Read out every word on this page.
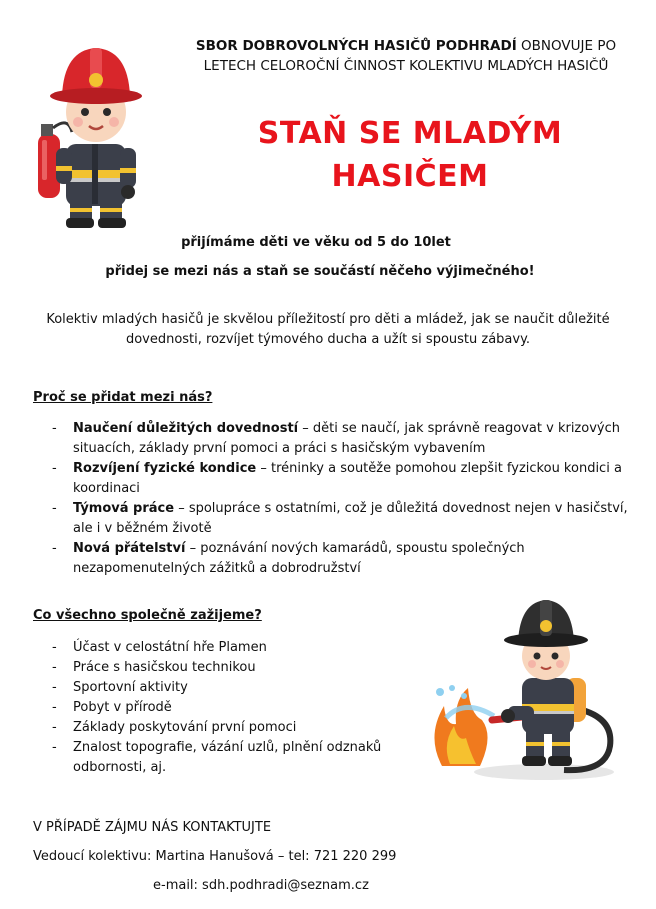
SBOR DOBROVOLNÝCH HASIČŮ PODHRADÍ OBNOVUJE PO LETECH CELOROČNÍ ČINNOST KOLEKTIVU MLADÝCH HASIČŮ
STAŇ SE MLADÝM
HASIČEM
přijímáme děti ve věku od 5 do 10let
přidej se mezi nás a staň se součástí něčeho výjimečného!
Kolektiv mladých hasičů je skvělou příležitostí pro děti a mládež, jak se naučit důležité dovednosti, rozvíjet týmového ducha a užít si spoustu zábavy.
Proč se přidat mezi nás?
- Naučení důležitých dovedností – děti se naučí, jak správně reagovat v krizových situacích, základy první pomoci a práci s hasičským vybavením
- Rozvíjení fyzické kondice – tréninky a soutěže pomohou zlepšit fyzickou kondici a koordinaci
- Týmová práce – spolupráce s ostatními, což je důležitá dovednost nejen v hasičství, ale i v běžném životě
- Nová přátelství – poznávání nových kamarádů, spoustu společných nezapomenutelných zážitků a dobrodružství
Co všechno společně zažijeme?
- Účast v celostátní hře Plamen
- Práce s hasičskou technikou
- Sportovní aktivity
- Pobyt v přírodě
- Základy poskytování první pomoci
- Znalost topografie, vázání uzlů, plnění odznaků odbornosti, aj.
V PŘÍPADĚ ZÁJMU NÁS KONTAKTUJTE
Vedoucí kolektivu: Martina Hanušová – tel: 721 220 299
e-mail: sdh.podhradi@seznam.cz
